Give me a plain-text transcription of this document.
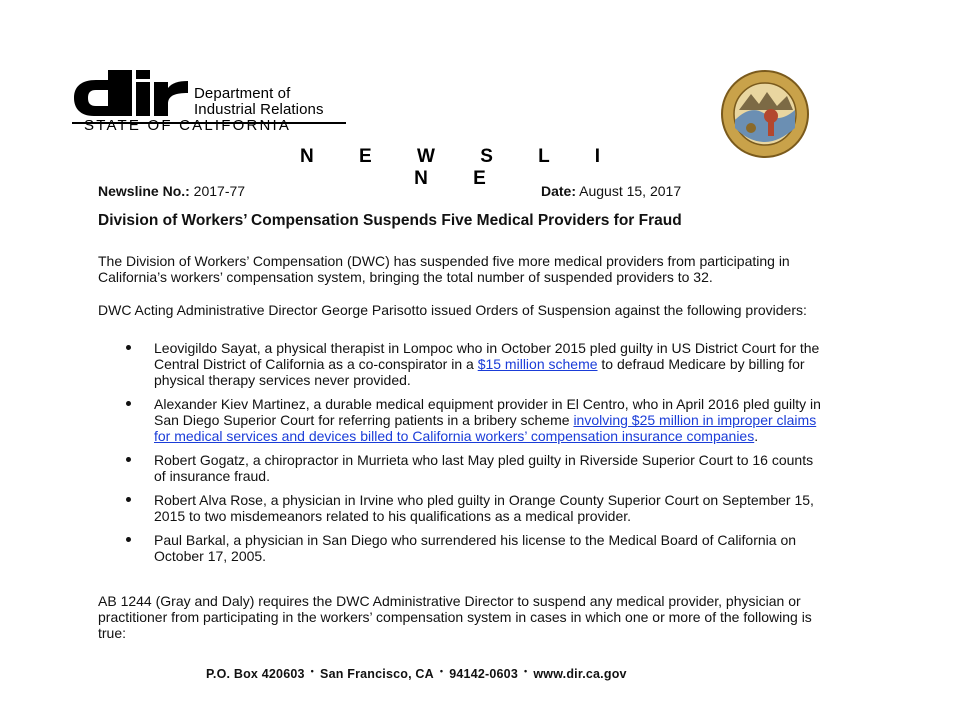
Department of
Industrial Relations
STATE OF CALIFORNIA
N E W S L I N E
Newsline No.: 2017-77	Date: August 15, 2017
Division of Workers’ Compensation Suspends Five Medical Providers for Fraud
The Division of Workers’ Compensation (DWC) has suspended five more medical providers from participating in California’s workers’ compensation system, bringing the total number of suspended providers to 32.
DWC Acting Administrative Director George Parisotto issued Orders of Suspension against the following providers:
Leovigildo Sayat, a physical therapist in Lompoc who in October 2015 pled guilty in US District Court for the Central District of California as a co-conspirator in a $15 million scheme to defraud Medicare by billing for physical therapy services never provided.
Alexander Kiev Martinez, a durable medical equipment provider in El Centro, who in April 2016 pled guilty in San Diego Superior Court for referring patients in a bribery scheme involving $25 million in improper claims for medical services and devices billed to California workers’ compensation insurance companies.
Robert Gogatz, a chiropractor in Murrieta who last May pled guilty in Riverside Superior Court to 16 counts of insurance fraud.
Robert Alva Rose, a physician in Irvine who pled guilty in Orange County Superior Court on September 15, 2015 to two misdemeanors related to his qualifications as a medical provider.
Paul Barkal, a physician in San Diego who surrendered his license to the Medical Board of California on October 17, 2005.
AB 1244 (Gray and Daly) requires the DWC Administrative Director to suspend any medical provider, physician or practitioner from participating in the workers’ compensation system in cases in which one or more of the following is true:
P.O. Box 420603 • San Francisco, CA • 94142-0603 • www.dir.ca.gov
